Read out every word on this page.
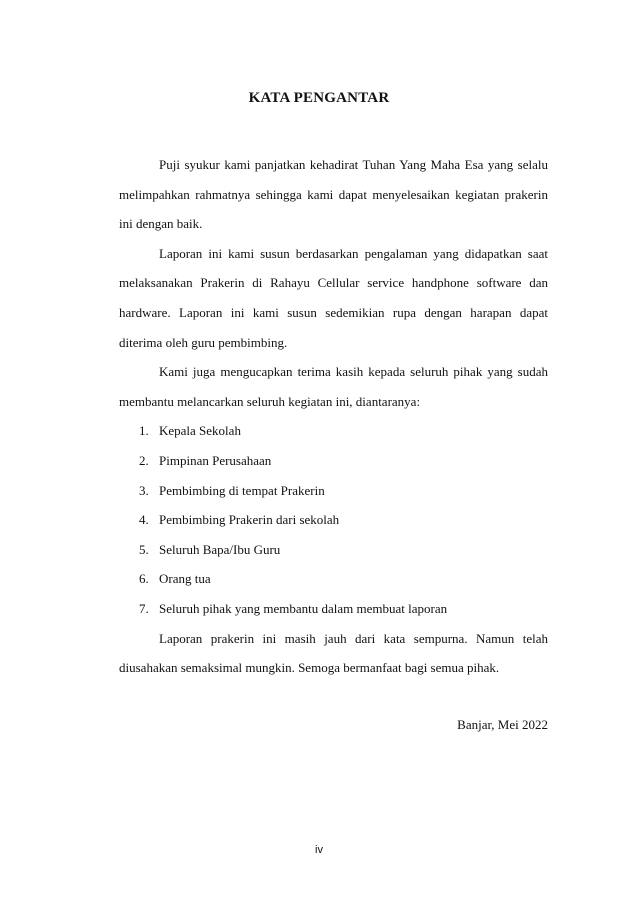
KATA PENGANTAR

Puji syukur kami panjatkan kehadirat Tuhan Yang Maha Esa yang selalu melimpahkan rahmatnya sehingga kami dapat menyelesaikan kegiatan prakerin ini dengan baik.

Laporan ini kami susun berdasarkan pengalaman yang didapatkan saat melaksanakan Prakerin di Rahayu Cellular service handphone software dan hardware. Laporan ini kami susun sedemikian rupa dengan harapan dapat diterima oleh guru pembimbing.

Kami juga mengucapkan terima kasih kepada seluruh pihak yang sudah membantu melancarkan seluruh kegiatan ini, diantaranya:

1. Kepala Sekolah
2. Pimpinan Perusahaan
3. Pembimbing di tempat Prakerin
4. Pembimbing Prakerin dari sekolah
5. Seluruh Bapa/Ibu Guru
6. Orang tua
7. Seluruh pihak yang membantu dalam membuat laporan

Laporan prakerin ini masih jauh dari kata sempurna. Namun telah diusahakan semaksimal mungkin. Semoga bermanfaat bagi semua pihak.

Banjar, Mei 2022
iv
